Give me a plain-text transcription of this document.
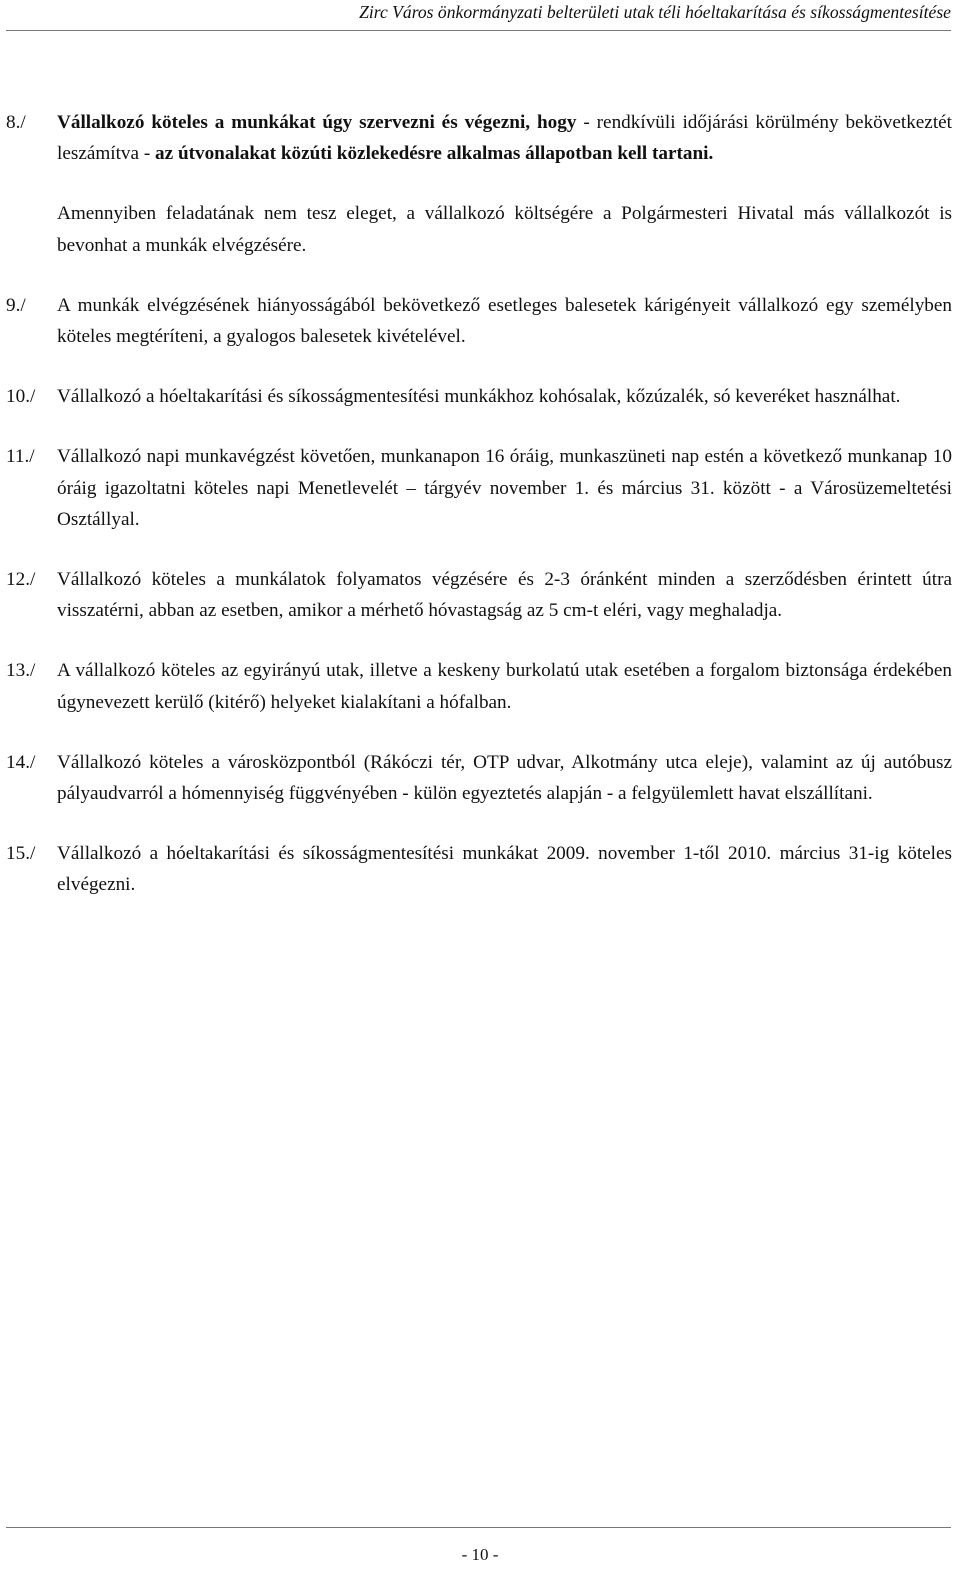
Zirc Város önkormányzati belterületi utak téli hóeltakarítása és síkosságmentesítése
8./ Vállalkozó köteles a munkákat úgy szervezni és végezni, hogy - rendkívüli időjárási körülmény bekövetkeztét leszámítva - az útvonalakat közúti közlekedésre alkalmas állapotban kell tartani.
Amennyiben feladatának nem tesz eleget, a vállalkozó költségére a Polgármesteri Hivatal más vállalkozót is bevonhat a munkák elvégzésére.
9./ A munkák elvégzésének hiányosságából bekövetkező esetleges balesetek kárigényeit vállalkozó egy személyben köteles megtéríteni, a gyalogos balesetek kivételével.
10./ Vállalkozó a hóeltakarítási és síkosságmentesítési munkákhoz kohósalak, kőzúzalék, só keveréket használhat.
11./ Vállalkozó napi munkavégzést követően, munkanapon 16 óráig, munkaszüneti nap estén a következő munkanap 10 óráig igazoltatni köteles napi Menetlevelét – tárgyév november 1. és március 31. között - a Városüzemeltetési Osztállyal.
12./ Vállalkozó köteles a munkálatok folyamatos végzésére és 2-3 óránként minden a szerződésben érintett útra visszatérni, abban az esetben, amikor a mérhető hóvastagság az 5 cm-t eléri, vagy meghaladja.
13./ A vállalkozó köteles az egyirányú utak, illetve a keskeny burkolatú utak esetében a forgalom biztonsága érdekében úgynevezett kerülő (kitérő) helyeket kialakítani a hófalban.
14./ Vállalkozó köteles a városközpontból (Rákóczi tér, OTP udvar, Alkotmány utca eleje), valamint az új autóbusz pályaudvarról a hómennyiség függvényében - külön egyeztetés alapján - a felgyülemlett havat elszállítani.
15./ Vállalkozó a hóeltakarítási és síkosságmentesítési munkákat 2009. november 1-től 2010. március 31-ig köteles elvégezni.
- 10 -
